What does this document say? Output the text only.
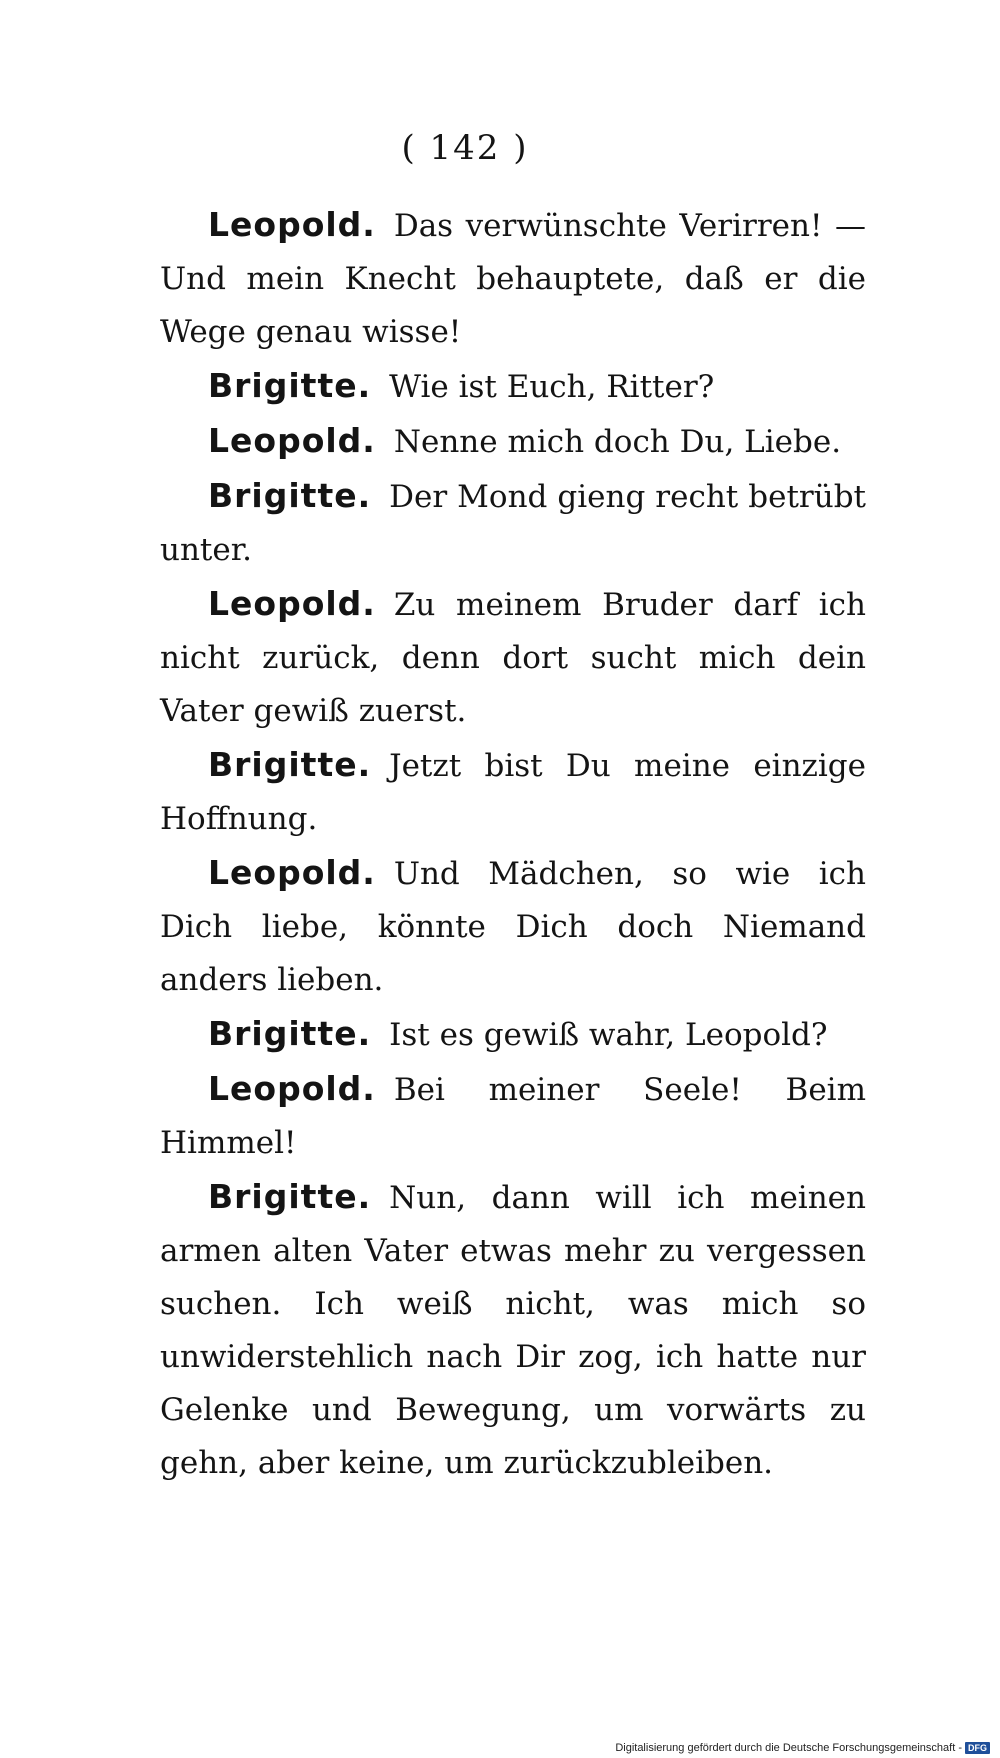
( 142 )

Leopold. Das verwünschte Verirren! — Und mein Knecht behauptete, daß er die Wege genau wisse!

Brigitte. Wie ist Euch, Ritter?

Leopold. Nenne mich doch Du, Liebe.

Brigitte. Der Mond gieng recht betrübt unter.

Leopold. Zu meinem Bruder darf ich nicht zurück, denn dort sucht mich dein Vater gewiß zuerst.

Brigitte. Jetzt bist Du meine einzige Hoffnung.

Leopold. Und Mädchen, so wie ich Dich liebe, könnte Dich doch Niemand anders lieben.

Brigitte. Ist es gewiß wahr, Leopold?

Leopold. Bei meiner Seele! Beim Himmel!

Brigitte. Nun, dann will ich meinen armen alten Vater etwas mehr zu vergessen suchen. Ich weiß nicht, was mich so unwiderstehlich nach Dir zog, ich hatte nur Gelenke und Bewegung, um vorwärts zu gehn, aber keine, um zurückzubleiben.

Digitalisierung gefördert durch die Deutsche Forschungsgemeinschaft - DFG
